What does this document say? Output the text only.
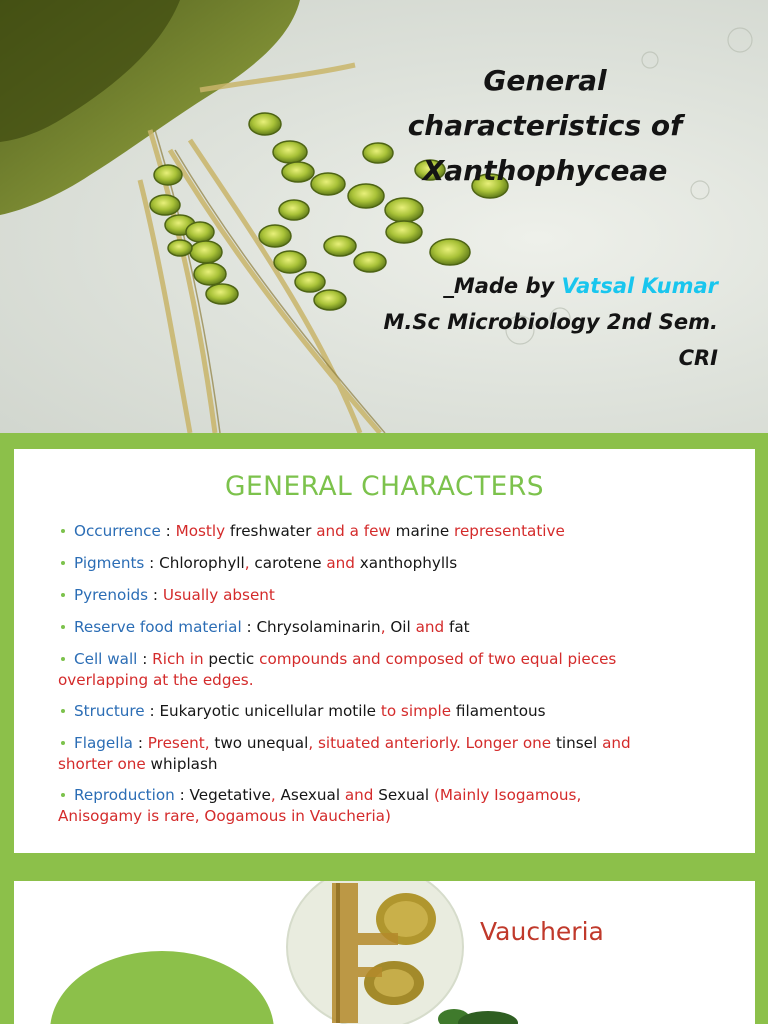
General
characteristics of
Xanthophyceae
_Made by Vatsal Kumar
M.Sc Microbiology 2nd Sem.
CRI
GENERAL CHARACTERS
Occurrence : Mostly freshwater and a few marine representative
Pigments : Chlorophyll, carotene and xanthophylls
Pyrenoids : Usually absent
Reserve food material : Chrysolaminarin, Oil and fat
Cell wall : Rich in pectic compounds and composed of two equal pieces
overlapping at the edges.
Structure : Eukaryotic unicellular motile to simple filamentous
Flagella : Present, two unequal, situated anteriorly. Longer one tinsel and
shorter one whiplash
Reproduction : Vegetative, Asexual and Sexual (Mainly Isogamous,
Anisogamy is rare, Oogamous in Vaucheria)
Vaucheria
